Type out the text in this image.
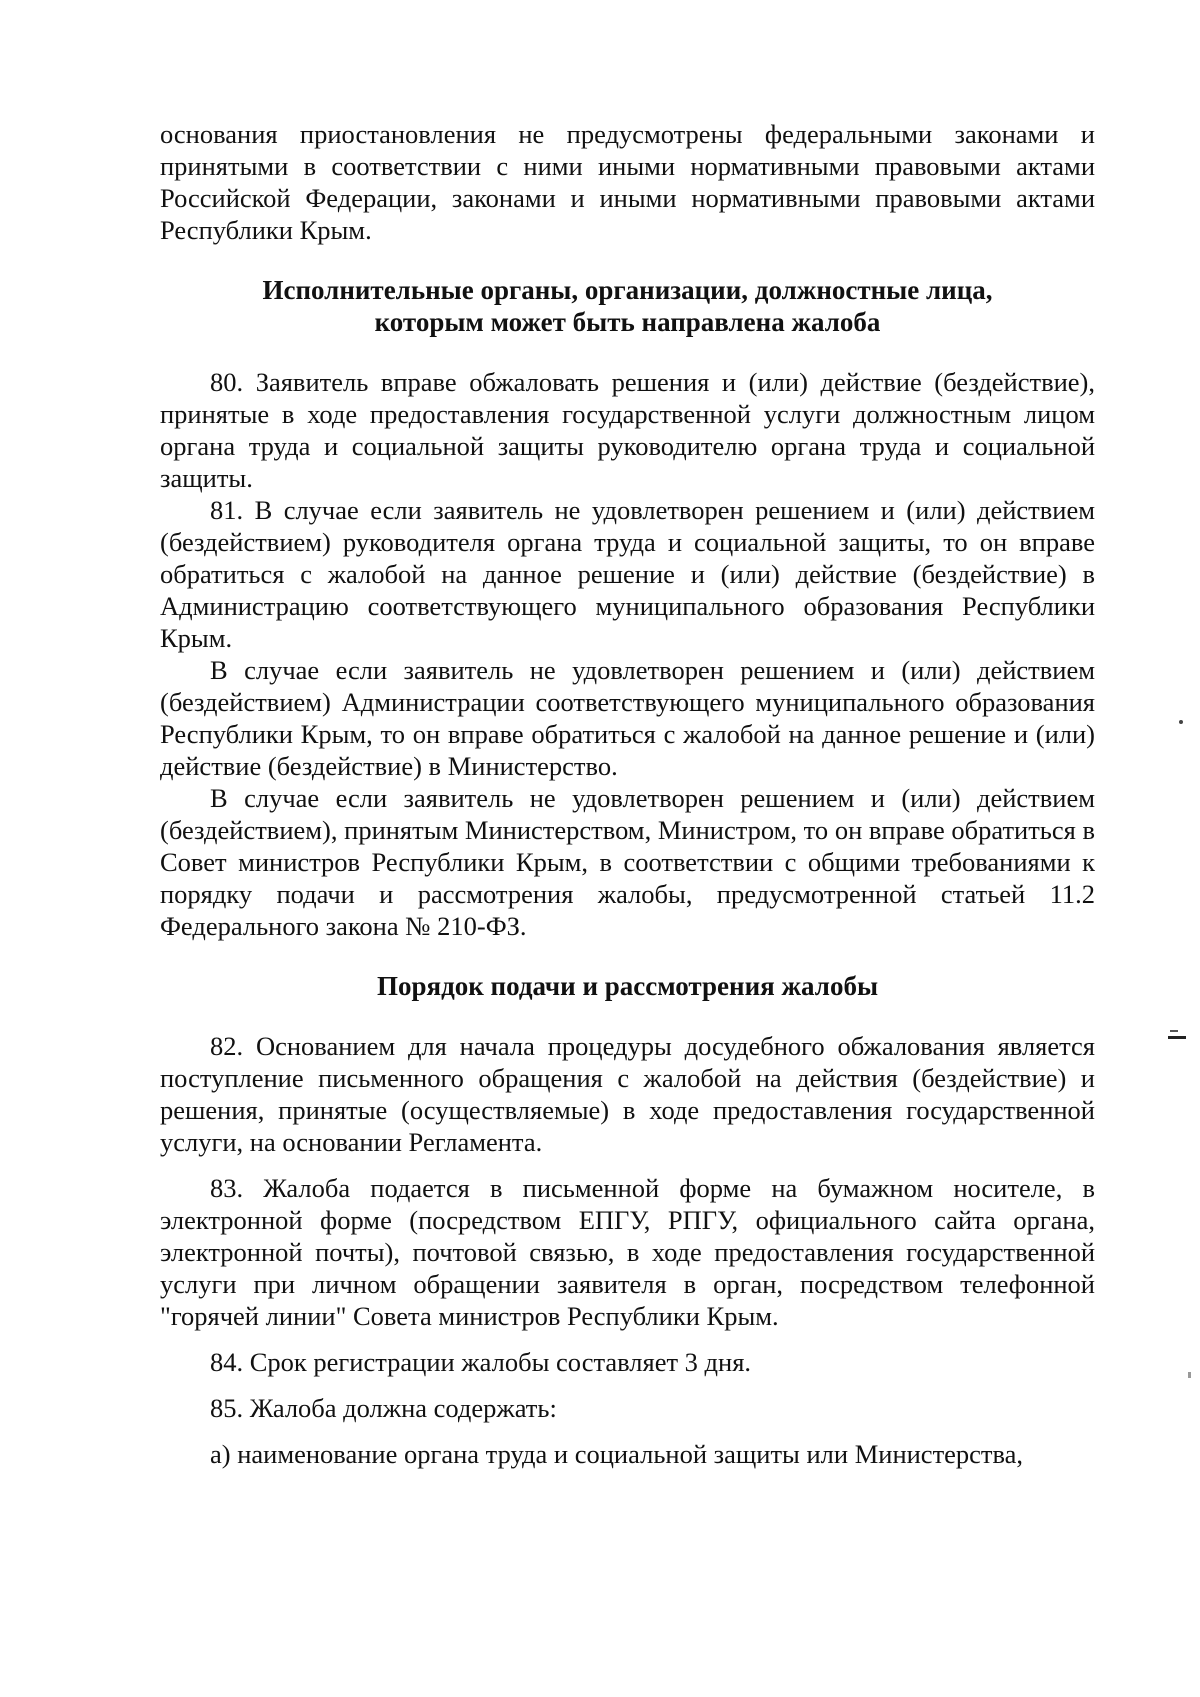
основания приостановления не предусмотрены федеральными законами и принятыми в соответствии с ними иными нормативными правовыми актами Российской Федерации, законами и иными нормативными правовыми актами Республики Крым.

Исполнительные органы, организации, должностные лица, которым может быть направлена жалоба

80. Заявитель вправе обжаловать решения и (или) действие (бездействие), принятые в ходе предоставления государственной услуги должностным лицом органа труда и социальной защиты руководителю органа труда и социальной защиты.

81. В случае если заявитель не удовлетворен решением и (или) действием (бездействием) руководителя органа труда и социальной защиты, то он вправе обратиться с жалобой на данное решение и (или) действие (бездействие) в Администрацию соответствующего муниципального образования Республики Крым.

В случае если заявитель не удовлетворен решением и (или) действием (бездействием) Администрации соответствующего муниципального образования Республики Крым, то он вправе обратиться с жалобой на данное решение и (или) действие (бездействие) в Министерство.

В случае если заявитель не удовлетворен решением и (или) действием (бездействием), принятым Министерством, Министром, то он вправе обратиться в Совет министров Республики Крым, в соответствии с общими требованиями к порядку подачи и рассмотрения жалобы, предусмотренной статьей 11.2 Федерального закона № 210-ФЗ.

Порядок подачи и рассмотрения жалобы

82. Основанием для начала процедуры досудебного обжалования является поступление письменного обращения с жалобой на действия (бездействие) и решения, принятые (осуществляемые) в ходе предоставления государственной услуги, на основании Регламента.

83. Жалоба подается в письменной форме на бумажном носителе, в электронной форме (посредством ЕПГУ, РПГУ, официального сайта органа, электронной почты), почтовой связью, в ходе предоставления государственной услуги при личном обращении заявителя в орган, посредством телефонной "горячей линии" Совета министров Республики Крым.

84. Срок регистрации жалобы составляет 3 дня.

85. Жалоба должна содержать:

а) наименование органа труда и социальной защиты или Министерства,
